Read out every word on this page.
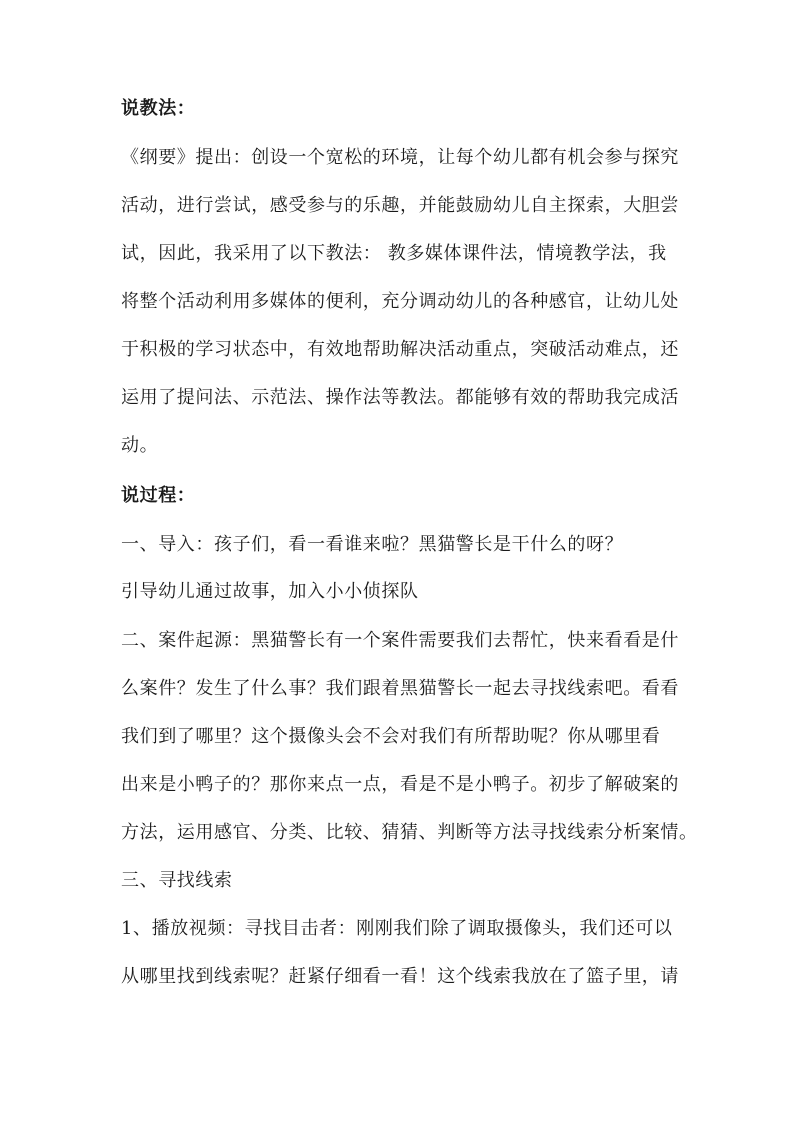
说教法：
《纲要》提出：创设一个宽松的环境，让每个幼儿都有机会参与探究
活动，进行尝试，感受参与的乐趣，并能鼓励幼儿自主探索，大胆尝
试，因此，我采用了以下教法： 教多媒体课件法，情境教学法，我
将整个活动利用多媒体的便利，充分调动幼儿的各种感官，让幼儿处
于积极的学习状态中，有效地帮助解决活动重点，突破活动难点，还
运用了提问法、示范法、操作法等教法。都能够有效的帮助我完成活
动。
说过程：
一、导入：孩子们，看一看谁来啦？黑猫警长是干什么的呀？
引导幼儿通过故事，加入小小侦探队
二、案件起源：黑猫警长有一个案件需要我们去帮忙，快来看看是什
么案件？发生了什么事？我们跟着黑猫警长一起去寻找线索吧。看看
我们到了哪里？这个摄像头会不会对我们有所帮助呢？你从哪里看
出来是小鸭子的？那你来点一点，看是不是小鸭子。初步了解破案的
方法，运用感官、分类、比较、猜猜、判断等方法寻找线索分析案情。
三、寻找线索
1、播放视频：寻找目击者：刚刚我们除了调取摄像头，我们还可以
从哪里找到线索呢？赶紧仔细看一看！这个线索我放在了篮子里，请
